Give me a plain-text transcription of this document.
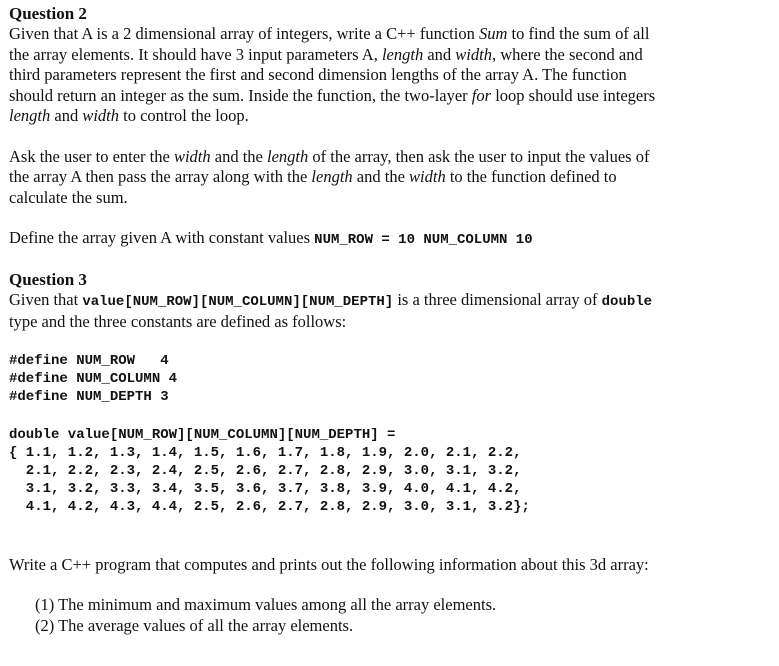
Question 2

Given that A is a 2 dimensional array of integers, write a C++ function Sum to find the sum of all the array elements. It should have 3 input parameters A, length and width, where the second and third parameters represent the first and second dimension lengths of the array A. The function should return an integer as the sum. Inside the function, the two-layer for loop should use integers length and width to control the loop.

Ask the user to enter the width and the length of the array, then ask the user to input the values of the array A then pass the array along with the length and the width to the function defined to calculate the sum.

Define the array given A with constant values NUM_ROW = 10 NUM_COLUMN 10

Question 3

Given that value[NUM_ROW][NUM_COLUMN][NUM_DEPTH] is a three dimensional array of double type and the three constants are defined as follows:

#define NUM_ROW   4
#define NUM_COLUMN 4
#define NUM_DEPTH 3
double value[NUM_ROW][NUM_COLUMN][NUM_DEPTH] =
{ 1.1, 1.2, 1.3, 1.4, 1.5, 1.6, 1.7, 1.8, 1.9, 2.0, 2.1, 2.2,
2.1, 2.2, 2.3, 2.4, 2.5, 2.6, 2.7, 2.8, 2.9, 3.0, 3.1, 3.2,
3.1, 3.2, 3.3, 3.4, 3.5, 3.6, 3.7, 3.8, 3.9, 4.0, 4.1, 4.2,
4.1, 4.2, 4.3, 4.4, 2.5, 2.6, 2.7, 2.8, 2.9, 3.0, 3.1, 3.2};

Write a C++ program that computes and prints out the following information about this 3d array:

(1) The minimum and maximum values among all the array elements.
(2) The average values of all the array elements.
